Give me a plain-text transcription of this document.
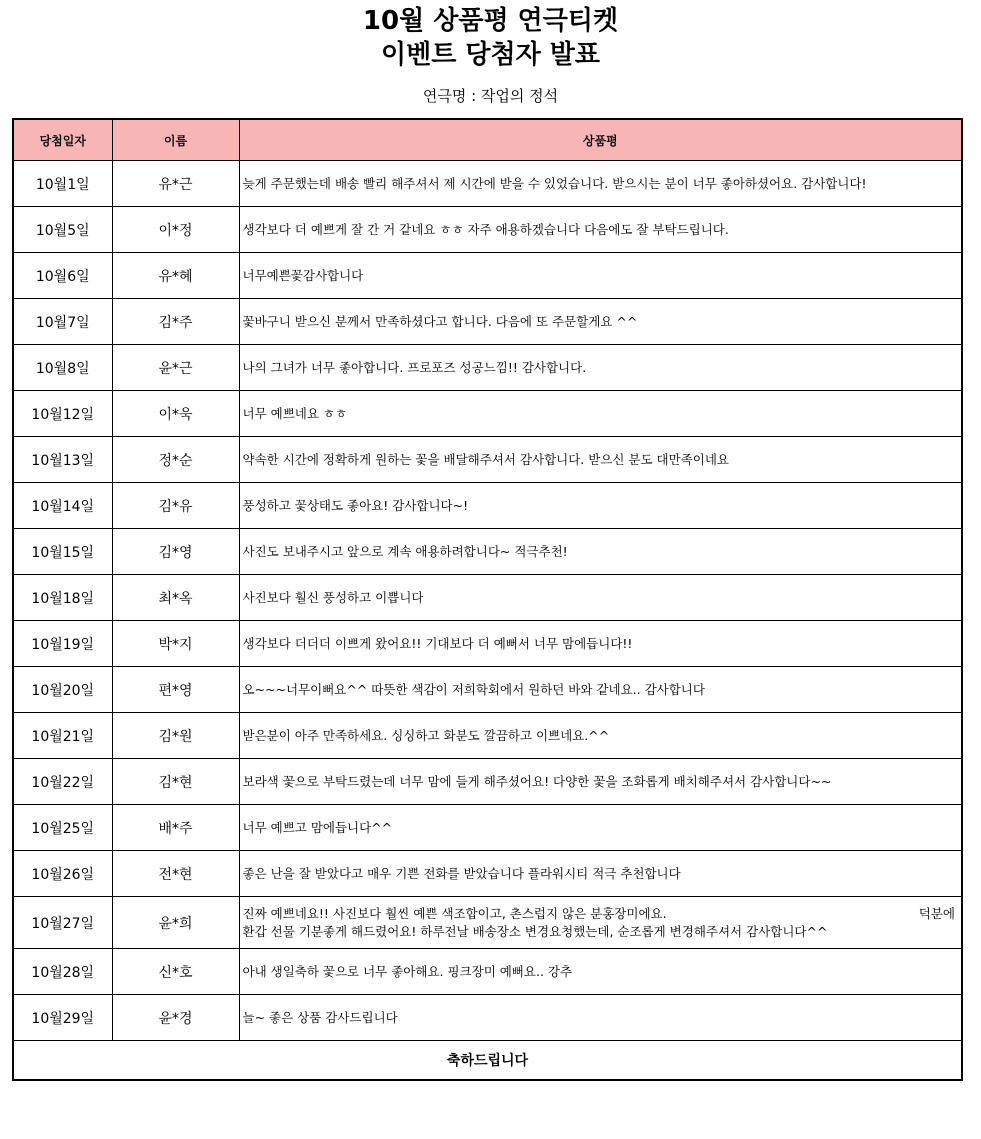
10월 상품평 연극티켓
이벤트 당첨자 발표
연극명 : 작업의 정석
당첨일자	이름	상품평
10월1일	유*근	늦게 주문했는데 배송 빨리 해주셔서 제 시간에 받을 수 있었습니다. 받으시는 분이 너무 좋아하셨어요. 감사합니다!
10월5일	이*정	생각보다 더 예쁘게 잘 간 거 같네요 ㅎㅎ 자주 애용하겠습니다 다음에도 잘 부탁드립니다.
10월6일	유*혜	너무예쁜꽃감사합니다
10월7일	김*주	꽃바구니 받으신 분께서 만족하셨다고 합니다. 다음에 또 주문할게요 ^^
10월8일	윤*근	나의 그녀가 너무 좋아합니다. 프로포즈 성공느낌!! 감사합니다.
10월12일	이*욱	너무 예쁘네요 ㅎㅎ
10월13일	정*순	약속한 시간에 정확하게 원하는 꽃을 배달해주셔서 감사합니다. 받으신 분도 대만족이네요
10월14일	김*유	풍성하고 꽃상태도 좋아요! 감사합니다~!
10월15일	김*영	사진도 보내주시고 앞으로 계속 애용하려합니다~ 적극추천!
10월18일	최*옥	사진보다 훨신 풍성하고 이쁩니다
10월19일	박*지	생각보다 더더더 이쁘게 왔어요!! 기대보다 더 예뻐서 너무 맘에듭니다!!
10월20일	편*영	오~~~너무이뻐요^^ 따뜻한 색감이 저희학회에서 원하던 바와 같네요.. 감사합니다
10월21일	김*원	받은분이 아주 만족하세요. 싱싱하고 화분도 깔끔하고 이쁘네요.^^
10월22일	김*현	보라색 꽃으로 부탁드렸는데 너무 맘에 들게 해주셨어요! 다양한 꽃을 조화롭게 배치해주셔서 감사합니다~~
10월25일	배*주	너무 예쁘고 맘에듭니다^^
10월26일	전*현	좋은 난을 잘 받았다고 매우 기쁜 전화를 받았습니다 플라워시티 적극 추천합니다
10월27일	윤*희	진짜 예쁘네요!! 사진보다 훨씬 예쁜 색조합이고, 촌스럽지 않은 분홍장미에요. 덕분에
환갑 선물 기분좋게 해드렸어요! 하루전날 배송장소 변경요청했는데, 순조롭게 변경해주셔서 감사합니다^^

10월28일	신*호	아내 생일축하 꽃으로 너무 좋아해요. 핑크장미 예뻐요.. 강추
10월29일	윤*경	늘~ 좋은 상품 감사드립니다
축하드립니다		
